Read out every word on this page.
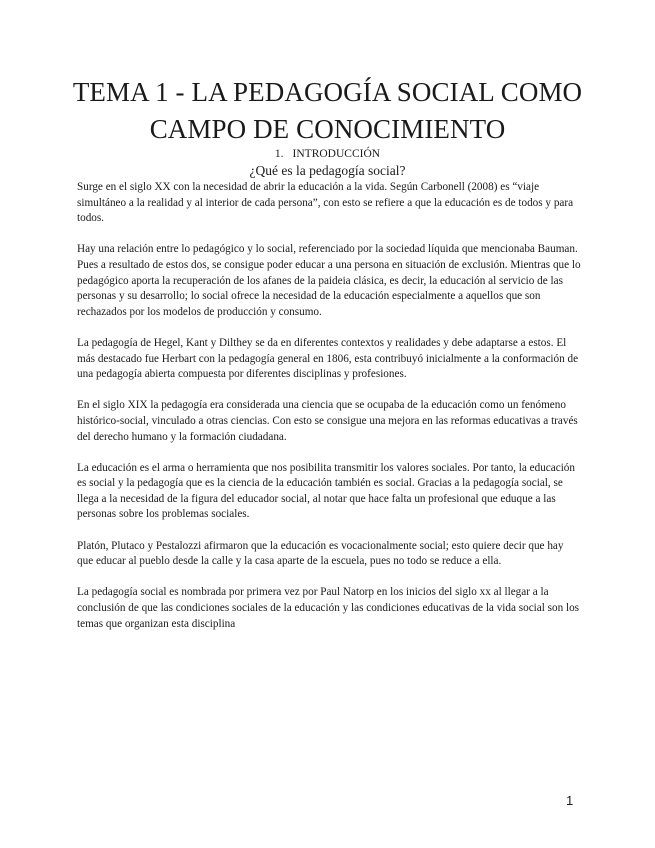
TEMA 1 - LA PEDAGOGÍA SOCIAL COMO CAMPO DE CONOCIMIENTO
1. INTRODUCCIÓN
¿Qué es la pedagogía social?

Surge en el siglo XX con la necesidad de abrir la educación a la vida. Según Carbonell (2008) es “viaje simultáneo a la realidad y al interior de cada persona”, con esto se refiere a que la educación es de todos y para todos.

Hay una relación entre lo pedagógico y lo social, referenciado por la sociedad líquida que mencionaba Bauman. Pues a resultado de estos dos, se consigue poder educar a una persona en situación de exclusión. Mientras que lo pedagógico aporta la recuperación de los afanes de la paideia clásica, es decir, la educación al servicio de las personas y su desarrollo; lo social ofrece la necesidad de la educación especialmente a aquellos que son rechazados por los modelos de producción y consumo.

La pedagogía de Hegel, Kant y Dilthey se da en diferentes contextos y realidades y debe adaptarse a estos. El más destacado fue Herbart con la pedagogía general en 1806, esta contribuyó inicialmente a la conformación de una pedagogía abierta compuesta por diferentes disciplinas y profesiones.

En el siglo XIX la pedagogía era considerada una ciencia que se ocupaba de la educación como un fenómeno histórico-social, vinculado a otras ciencias. Con esto se consigue una mejora en las reformas educativas a través del derecho humano y la formación ciudadana.

La educación es el arma o herramienta que nos posibilita transmitir los valores sociales. Por tanto, la educación es social y la pedagogía que es la ciencia de la educación también es social. Gracias a la pedagogía social, se llega a la necesidad de la figura del educador social, al notar que hace falta un profesional que eduque a las personas sobre los problemas sociales.

Platón, Plutaco y Pestalozzi afirmaron que la educación es vocacionalmente social; esto quiere decir que hay que educar al pueblo desde la calle y la casa aparte de la escuela, pues no todo se reduce a ella.

La pedagogía social es nombrada por primera vez por Paul Natorp en los inicios del siglo xx al llegar a la conclusión de que las condiciones sociales de la educación y las condiciones educativas de la vida social son los temas que organizan esta disciplina

1
